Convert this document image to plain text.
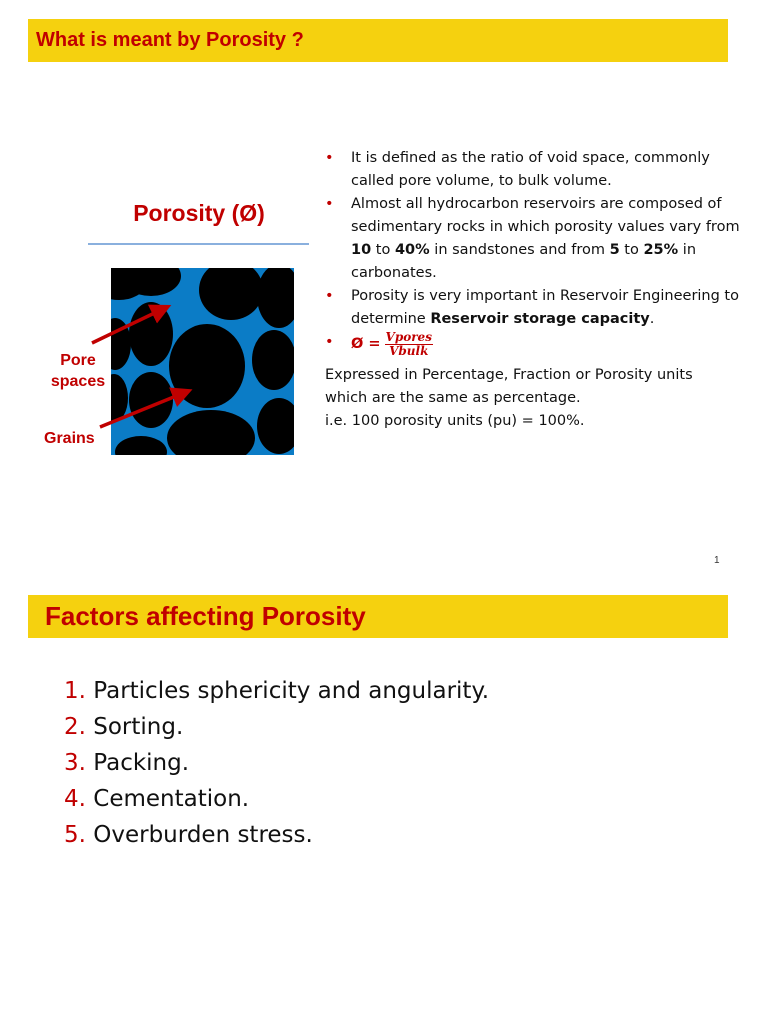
What is meant by Porosity ?
Porosity (Ø)
Pore spaces
Grains
• It is defined as the ratio of void space, commonly called pore volume, to bulk volume.
• Almost all hydrocarbon reservoirs are composed of sedimentary rocks in which porosity values vary from 10 to 40% in sandstones and from 5 to 25% in carbonates.
• Porosity is very important in Reservoir Engineering to determine Reservoir storage capacity.
• Ø = $\frac{\text{Vpores}}{\text{Vbulk}}$
Expressed in Percentage, Fraction or Porosity units which are the same as percentage.
i.e. 100 porosity units (pu) = 100%.
1
Factors affecting Porosity
1. Particles sphericity and angularity.
2. Sorting.
3. Packing.
4. Cementation.
5. Overburden stress.
